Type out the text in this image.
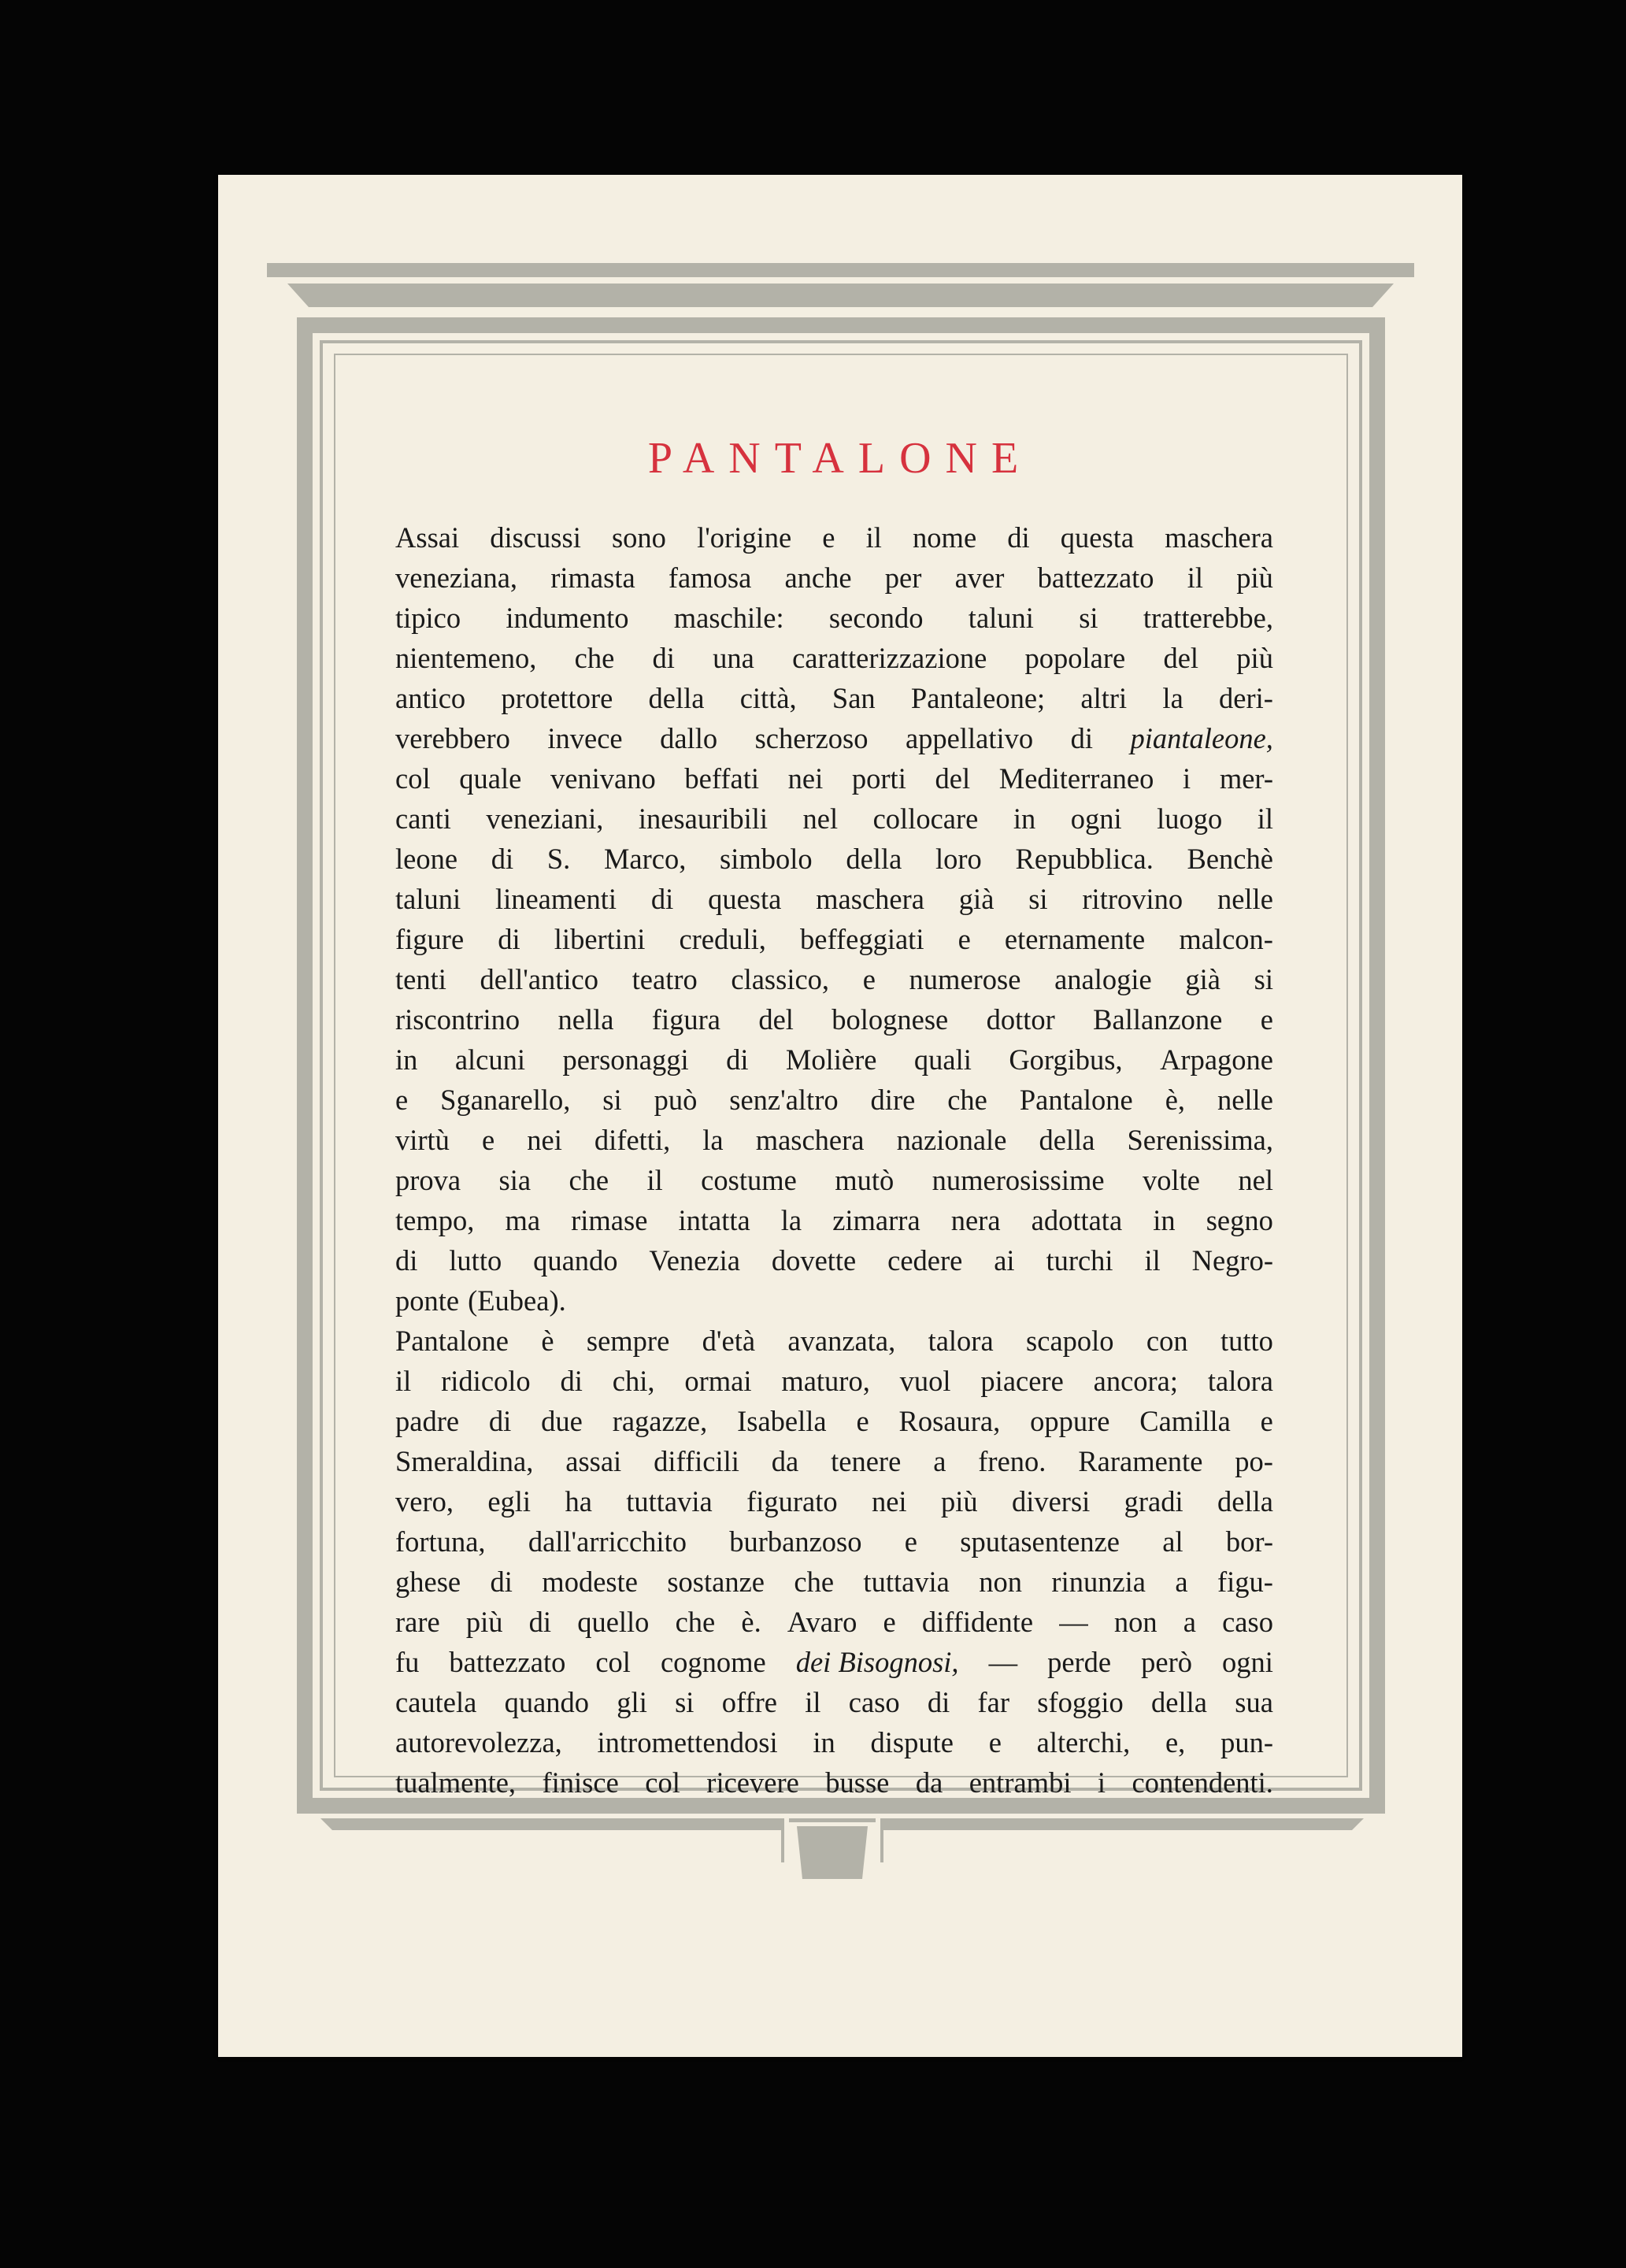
PANTALONE
Assai discussi sono l'origine e il nome di questa maschera
veneziana, rimasta famosa anche per aver battezzato il più
tipico indumento maschile: secondo taluni si tratterebbe,
nientemeno, che di una caratterizzazione popolare del più
antico protettore della città, San Pantaleone; altri la deri-
verebbero invece dallo scherzoso appellativo di piantaleone,
col quale venivano beffati nei porti del Mediterraneo i mer-
canti veneziani, inesauribili nel collocare in ogni luogo il
leone di S. Marco, simbolo della loro Repubblica. Benchè
taluni lineamenti di questa maschera già si ritrovino nelle
figure di libertini creduli, beffeggiati e eternamente malcon-
tenti dell'antico teatro classico, e numerose analogie già si
riscontrino nella figura del bolognese dottor Ballanzone e
in alcuni personaggi di Molière quali Gorgibus, Arpagone
e Sganarello, si può senz'altro dire che Pantalone è, nelle
virtù e nei difetti, la maschera nazionale della Serenissima,
prova sia che il costume mutò numerosissime volte nel
tempo, ma rimase intatta la zimarra nera adottata in segno
di lutto quando Venezia dovette cedere ai turchi il Negro-
ponte (Eubea).
Pantalone è sempre d'età avanzata, talora scapolo con tutto
il ridicolo di chi, ormai maturo, vuol piacere ancora; talora
padre di due ragazze, Isabella e Rosaura, oppure Camilla e
Smeraldina, assai difficili da tenere a freno. Raramente po-
vero, egli ha tuttavia figurato nei più diversi gradi della
fortuna, dall'arricchito burbanzoso e sputasentenze al bor-
ghese di modeste sostanze che tuttavia non rinunzia a figu-
rare più di quello che è. Avaro e diffidente — non a caso
fu battezzato col cognome dei Bisognosi, — perde però ogni
cautela quando gli si offre il caso di far sfoggio della sua
autorevolezza, intromettendosi in dispute e alterchi, e, pun-
tualmente, finisce col ricevere busse da entrambi i contendenti.
